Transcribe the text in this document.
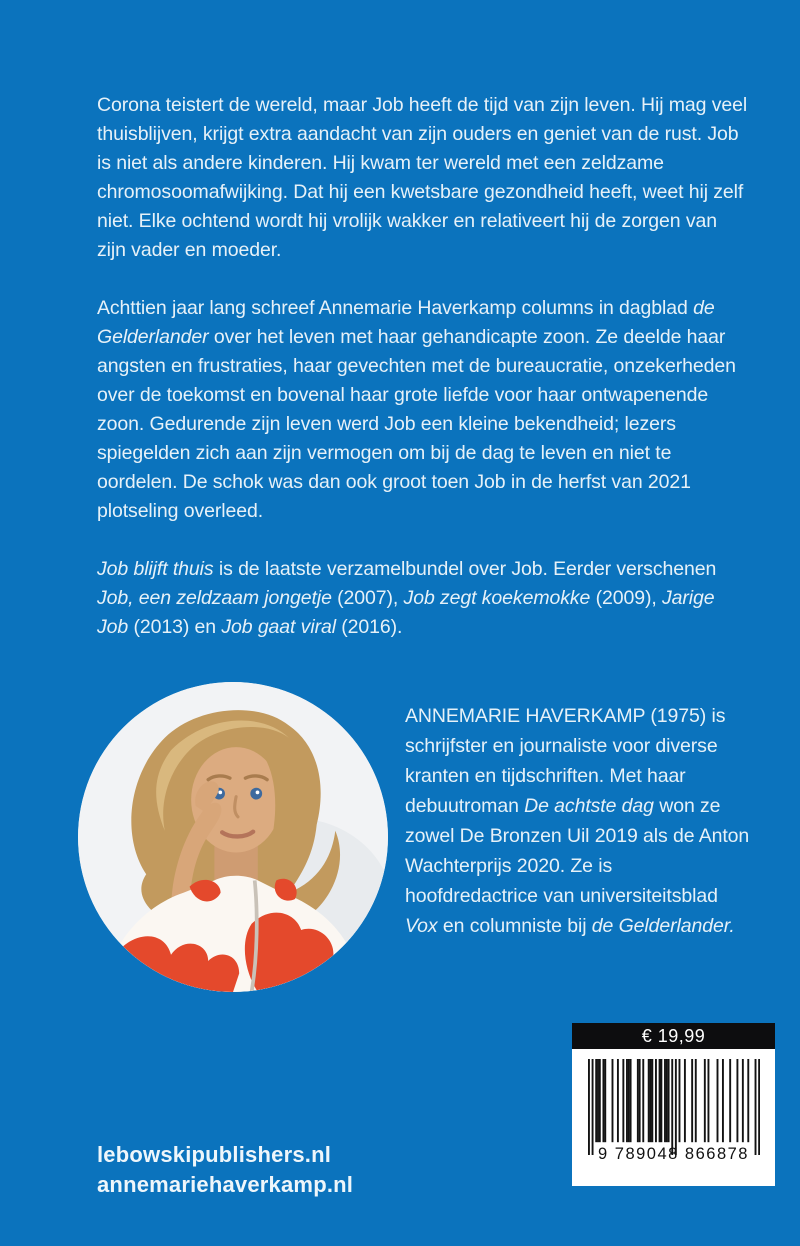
Corona teistert de wereld, maar Job heeft de tijd van zijn leven. Hij mag veel thuisblijven, krijgt extra aandacht van zijn ouders en geniet van de rust. Job is niet als andere kinderen. Hij kwam ter wereld met een zeldzame chromosoomafwijking. Dat hij een kwetsbare gezondheid heeft, weet hij zelf niet. Elke ochtend wordt hij vrolijk wakker en relativeert hij de zorgen van zijn vader en moeder.

Achttien jaar lang schreef Annemarie Haverkamp columns in dagblad de Gelderlander over het leven met haar gehandicapte zoon. Ze deelde haar angsten en frustraties, haar gevechten met de bureaucratie, onzekerheden over de toekomst en bovenal haar grote liefde voor haar ontwapenende zoon. Gedurende zijn leven werd Job een kleine bekendheid; lezers spiegelden zich aan zijn vermogen om bij de dag te leven en niet te oordelen. De schok was dan ook groot toen Job in de herfst van 2021 plotseling overleed.

Job blijft thuis is de laatste verzamelbundel over Job. Eerder verschenen Job, een zeldzaam jongetje (2007), Job zegt koekemokke (2009), Jarige Job (2013) en Job gaat viral (2016).

ANNEMARIE HAVERKAMP (1975) is schrijfster en journaliste voor diverse kranten en tijdschriften. Met haar debuutroman De achtste dag won ze zowel De Bronzen Uil 2019 als de Anton Wachterprijs 2020. Ze is hoofdredactrice van universiteitsblad Vox en columniste bij de Gelderlander.
€ 19,99
9 789048 866878
lebowskipublishers.nl
annemariehaverkamp.nl
